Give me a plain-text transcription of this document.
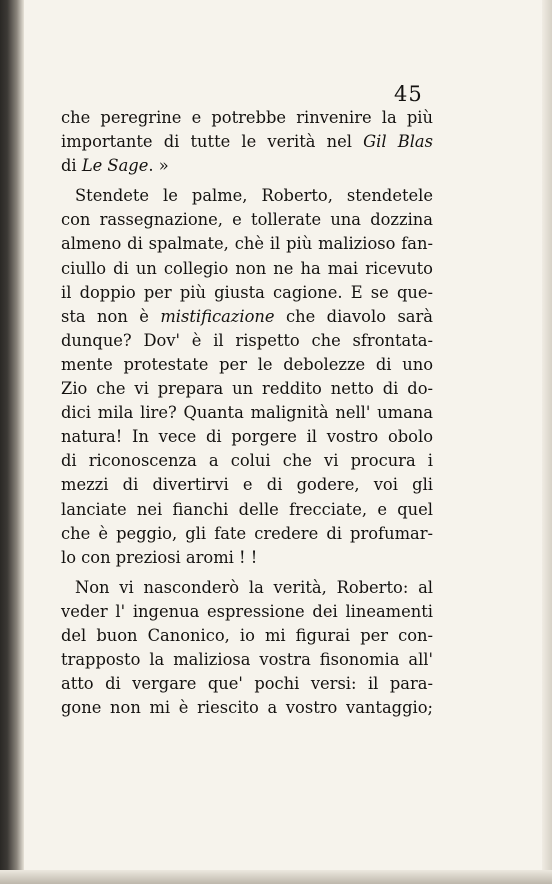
45
che peregrine e potrebbe rinvenire la più
importante di tutte le verità nel Gil Blas
di Le Sage. »
Stendete le palme, Roberto, stendetele
con rassegnazione, e tollerate una dozzina
almeno di spalmate, chè il più malizioso fan-
ciullo di un collegio non ne ha mai ricevuto
il doppio per più giusta cagione. E se que-
sta non è mistificazione che diavolo sarà
dunque? Dov' è il rispetto che sfrontata-
mente protestate per le debolezze di uno
Zio che vi prepara un reddito netto di do-
dici mila lire? Quanta malignità nell' umana
natura! In vece di porgere il vostro obolo
di riconoscenza a colui che vi procura i
mezzi di divertirvi e di godere, voi gli
lanciate nei fianchi delle frecciate, e quel
che è peggio, gli fate credere di profumar-
lo con preziosi aromi ! !
Non vi nasconderò la verità, Roberto: al
veder l' ingenua espressione dei lineamenti
del buon Canonico, io mi figurai per con-
trapposto la maliziosa vostra fisonomia all'
atto di vergare que' pochi versi: il para-
gone non mi è riescito a vostro vantaggio;
